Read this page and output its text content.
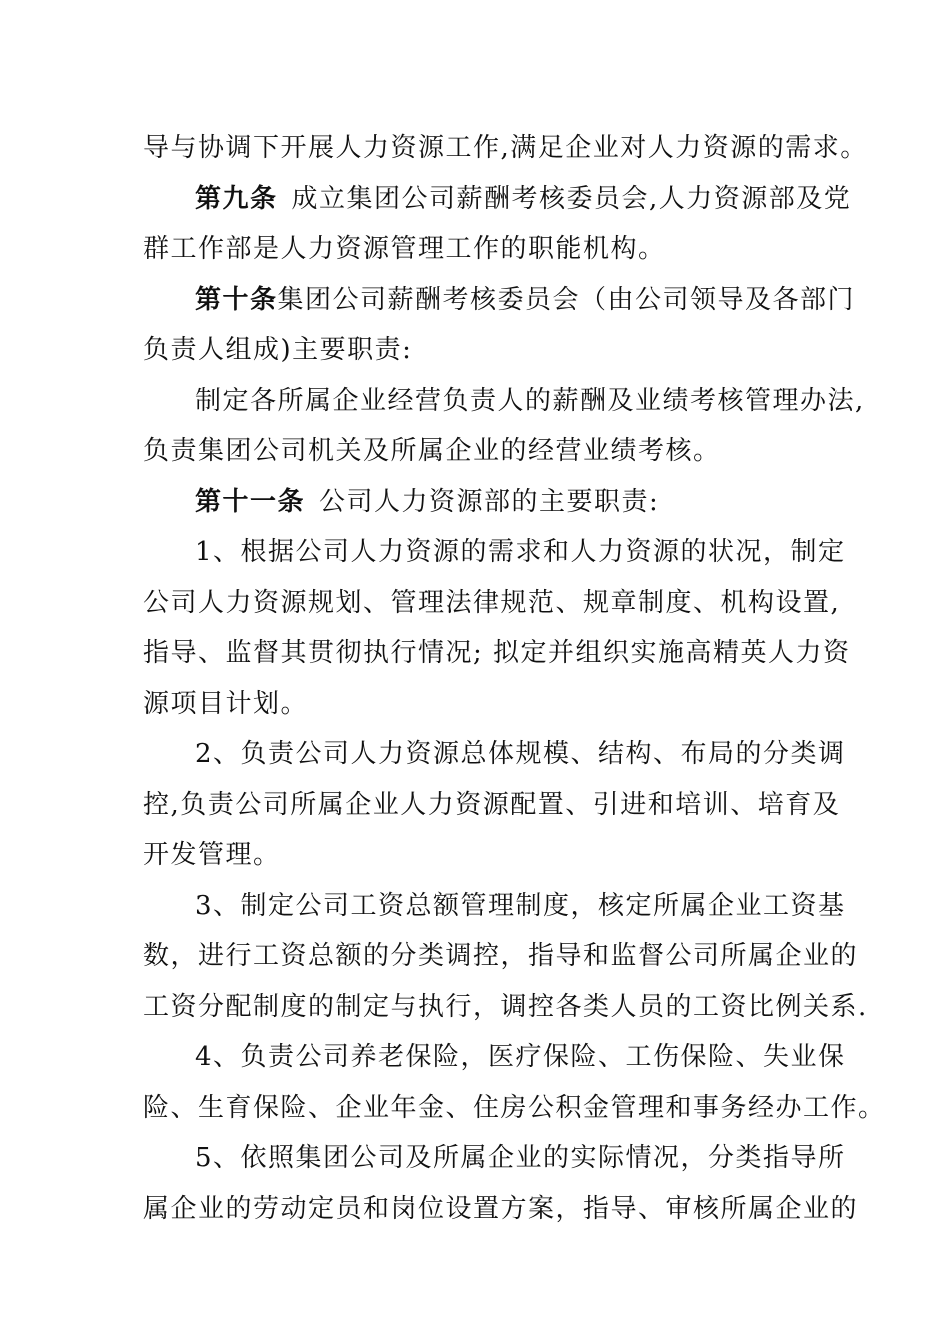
导与协调下开展人力资源工作,满足企业对人力资源的需求。
第九条 成立集团公司薪酬考核委员会,人力资源部及党
群工作部是人力资源管理工作的职能机构。
第十条集团公司薪酬考核委员会（由公司领导及各部门
负责人组成)主要职责:
制定各所属企业经营负责人的薪酬及业绩考核管理办法,
负责集团公司机关及所属企业的经营业绩考核。
第十一条 公司人力资源部的主要职责:
1、根据公司人力资源的需求和人力资源的状况，制定
公司人力资源规划、管理法律规范、规章制度、机构设置,
指导、监督其贯彻执行情况; 拟定并组织实施高精英人力资
源项目计划。
2、负责公司人力资源总体规模、结构、布局的分类调
控,负责公司所属企业人力资源配置、引进和培训、培育及
开发管理。
3、制定公司工资总额管理制度，核定所属企业工资基
数，进行工资总额的分类调控，指导和监督公司所属企业的
工资分配制度的制定与执行，调控各类人员的工资比例关系.
4、负责公司养老保险，医疗保险、工伤保险、失业保
险、生育保险、企业年金、住房公积金管理和事务经办工作。
5、依照集团公司及所属企业的实际情况，分类指导所
属企业的劳动定员和岗位设置方案，指导、审核所属企业的
